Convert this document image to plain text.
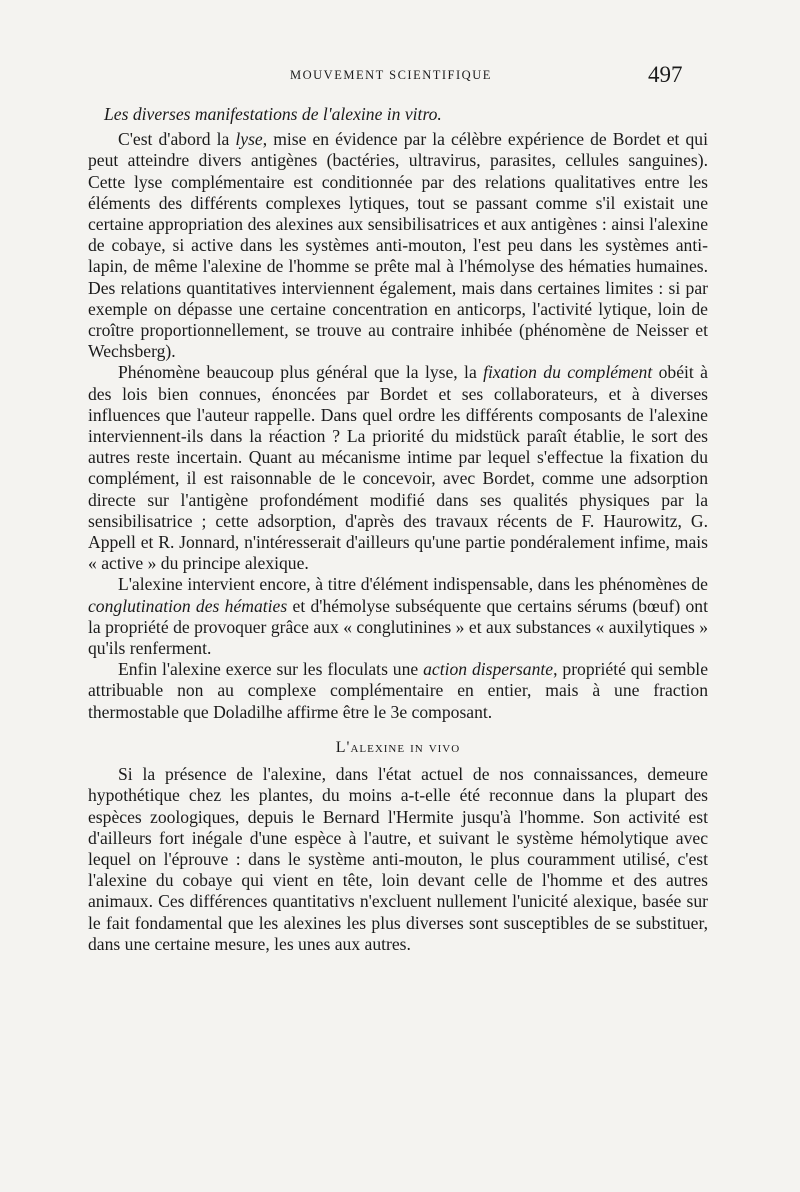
MOUVEMENT SCIENTIFIQUE	497

Les diverses manifestations de l'alexine in vitro.

C'est d'abord la lyse, mise en évidence par la célèbre expérience de Bordet et qui peut atteindre divers antigènes (bactéries, ultravirus, parasites, cellules sanguines). Cette lyse complémentaire est conditionnée par des relations qualitatives entre les éléments des différents complexes lytiques, tout se passant comme s'il existait une certaine appropriation des alexines aux sensibilisatrices et aux antigènes : ainsi l'alexine de cobaye, si active dans les systèmes anti-mouton, l'est peu dans les systèmes anti-lapin, de même l'alexine de l'homme se prête mal à l'hémolyse des hématies humaines. Des relations quantitatives interviennent également, mais dans certaines limites : si par exemple on dépasse une certaine concentration en anticorps, l'activité lytique, loin de croître proportionnellement, se trouve au contraire inhibée (phénomène de Neisser et Wechsberg).

Phénomène beaucoup plus général que la lyse, la fixation du complément obéit à des lois bien connues, énoncées par Bordet et ses collaborateurs, et à diverses influences que l'auteur rappelle. Dans quel ordre les différents composants de l'alexine interviennent-ils dans la réaction ? La priorité du midstück paraît établie, le sort des autres reste incertain. Quant au mécanisme intime par lequel s'effectue la fixation du complément, il est raisonnable de le concevoir, avec Bordet, comme une adsorption directe sur l'antigène profondément modifié dans ses qualités physiques par la sensibilisatrice ; cette adsorption, d'après des travaux récents de F. Haurowitz, G. Appell et R. Jonnard, n'intéresserait d'ailleurs qu'une partie pondéralement infime, mais « active » du principe alexique.

L'alexine intervient encore, à titre d'élément indispensable, dans les phénomènes de conglutination des hématies et d'hémolyse subséquente que certains sérums (bœuf) ont la propriété de provoquer grâce aux « conglutinines » et aux substances « auxilytiques » qu'ils renferment.

Enfin l'alexine exerce sur les floculats une action dispersante, propriété qui semble attribuable non au complexe complémentaire en entier, mais à une fraction thermostable que Doladilhe affirme être le 3e composant.

L'alexine in vivo

Si la présence de l'alexine, dans l'état actuel de nos connaissances, demeure hypothétique chez les plantes, du moins a-t-elle été reconnue dans la plupart des espèces zoologiques, depuis le Bernard l'Hermite jusqu'à l'homme. Son activité est d'ailleurs fort inégale d'une espèce à l'autre, et suivant le système hémolytique avec lequel on l'éprouve : dans le système anti-mouton, le plus couramment utilisé, c'est l'alexine du cobaye qui vient en tête, loin devant celle de l'homme et des autres animaux. Ces différences quantitativs n'excluent nullement l'unicité alexique, basée sur le fait fondamental que les alexines les plus diverses sont susceptibles de se substituer, dans une certaine mesure, les unes aux autres.
